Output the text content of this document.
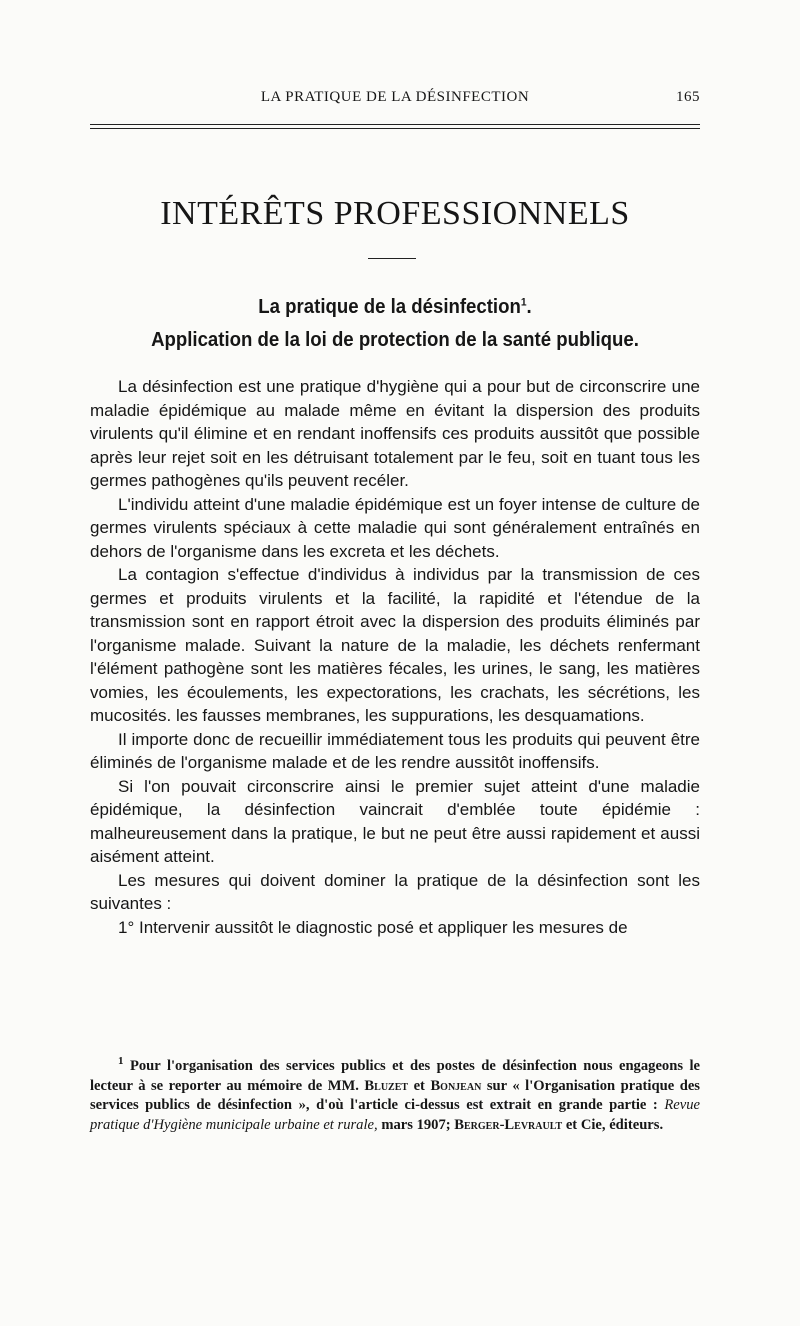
LA PRATIQUE DE LA DÉSINFECTION	165
INTÉRÊTS PROFESSIONNELS
La pratique de la désinfection$^1$.
Application de la loi de protection de la santé publique.

La désinfection est une pratique d'hygiène qui a pour but de circonscrire une maladie épidémique au malade même en évitant la dispersion des produits virulents qu'il élimine et en rendant inoffensifs ces produits aussitôt que possible après leur rejet soit en les détruisant totalement par le feu, soit en tuant tous les germes pathogènes qu'ils peuvent recéler.

L'individu atteint d'une maladie épidémique est un foyer intense de culture de germes virulents spéciaux à cette maladie qui sont généralement entraînés en dehors de l'organisme dans les excreta et les déchets.

La contagion s'effectue d'individus à individus par la transmission de ces germes et produits virulents et la facilité, la rapidité et l'étendue de la transmission sont en rapport étroit avec la dispersion des produits éliminés par l'organisme malade. Suivant la nature de la maladie, les déchets renfermant l'élément pathogène sont les matières fécales, les urines, le sang, les matières vomies, les écoulements, les expectorations, les crachats, les sécrétions, les mucosités. les fausses membranes, les suppurations, les desquamations.

Il importe donc de recueillir immédiatement tous les produits qui peuvent être éliminés de l'organisme malade et de les rendre aussitôt inoffensifs.

Si l'on pouvait circonscrire ainsi le premier sujet atteint d'une maladie épidémique, la désinfection vaincrait d'emblée toute épidémie : malheureusement dans la pratique, le but ne peut être aussi rapidement et aussi aisément atteint.

Les mesures qui doivent dominer la pratique de la désinfection sont les suivantes :

1° Intervenir aussitôt le diagnostic posé et appliquer les mesures de

$^1$ Pour l'organisation des services publics et des postes de désinfection nous engageons le lecteur à se reporter au mémoire de MM. Bluzet et Bonjean sur « l'Organisation pratique des services publics de désinfection », d'où l'article ci-dessus est extrait en grande partie : Revue pratique d'Hygiène municipale urbaine et rurale, mars 1907; Berger-Levrault et Cie, éditeurs.
